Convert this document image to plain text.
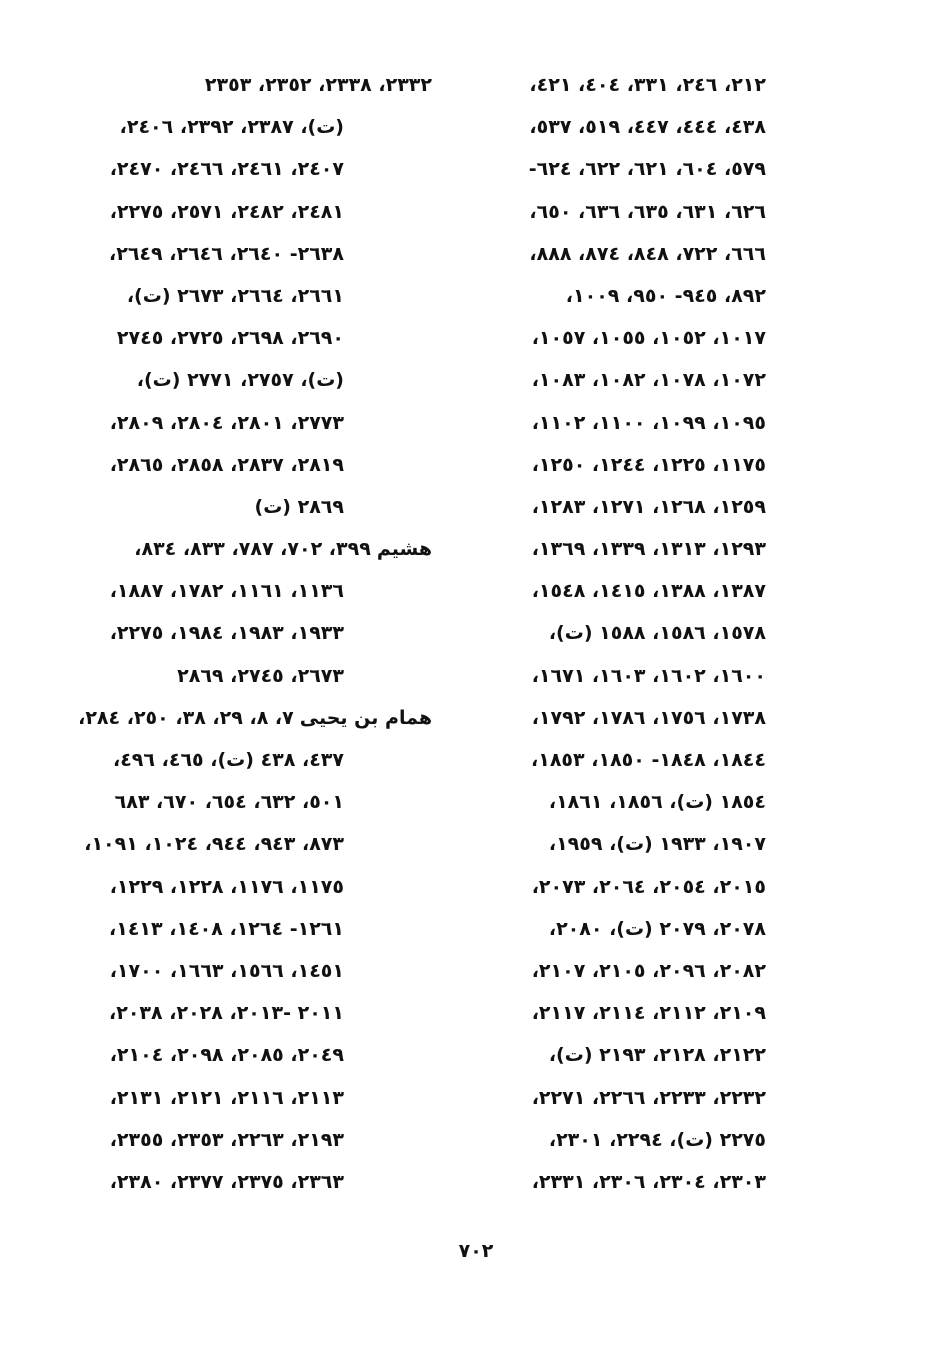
٢١٢، ٢٤٦، ٣٣١، ٤٠٤، ٤٢١،
٤٣٨، ٤٤٤، ٤٤٧، ٥١٩، ٥٣٧،
٥٧٩، ٦٠٤، ٦٢١، ٦٢٢، ٦٢٤-
٦٢٦، ٦٣١، ٦٣٥، ٦٣٦، ٦٥٠،
٦٦٦، ٧٢٢، ٨٤٨، ٨٧٤، ٨٨٨،
٨٩٢، ٩٤٥- ٩٥٠، ١٠٠٩،
١٠١٧، ١٠٥٢، ١٠٥٥، ١٠٥٧،
١٠٧٢، ١٠٧٨، ١٠٨٢، ١٠٨٣،
١٠٩٥، ١٠٩٩، ١١٠٠، ١١٠٢،
١١٧٥، ١٢٢٥، ١٢٤٤، ١٢٥٠،
١٢٥٩، ١٢٦٨، ١٢٧١، ١٢٨٣،
١٢٩٣، ١٣١٣، ١٣٣٩، ١٣٦٩،
١٣٨٧، ١٣٨٨، ١٤١٥، ١٥٤٨،
١٥٧٨، ١٥٨٦، ١٥٨٨ (ت)،
١٦٠٠، ١٦٠٢، ١٦٠٣، ١٦٧١،
١٧٣٨، ١٧٥٦، ١٧٨٦، ١٧٩٢،
١٨٤٤، ١٨٤٨- ١٨٥٠، ١٨٥٣،
١٨٥٤ (ت)، ١٨٥٦، ١٨٦١،
١٩٠٧، ١٩٣٣ (ت)، ١٩٥٩،
٢٠١٥، ٢٠٥٤، ٢٠٦٤، ٢٠٧٣،
٢٠٧٨، ٢٠٧٩ (ت)، ٢٠٨٠،
٢٠٨٢، ٢٠٩٦، ٢١٠٥، ٢١٠٧،
٢١٠٩، ٢١١٢، ٢١١٤، ٢١١٧،
٢١٢٢، ٢١٢٨، ٢١٩٣ (ت)،
٢٢٣٢، ٢٢٣٣، ٢٢٦٦، ٢٢٧١،
٢٢٧٥ (ت)، ٢٢٩٤، ٢٣٠١،
٢٣٠٣، ٢٣٠٤، ٢٣٠٦، ٢٣٣١،
٢٣٣٢، ٢٣٣٨، ٢٣٥٢، ٢٣٥٣
(ت)، ٢٣٨٧، ٢٣٩٢، ٢٤٠٦،
٢٤٠٧، ٢٤٦١، ٢٤٦٦، ٢٤٧٠،
٢٤٨١، ٢٤٨٢، ٢٥٧١، ٢٢٧٥،
٢٦٣٨- ٢٦٤٠، ٢٦٤٦، ٢٦٤٩،
٢٦٦١، ٢٦٦٤، ٢٦٧٣ (ت)،
٢٦٩٠، ٢٦٩٨، ٢٧٢٥، ٢٧٤٥
(ت)، ٢٧٥٧، ٢٧٧١ (ت)،
٢٧٧٣، ٢٨٠١، ٢٨٠٤، ٢٨٠٩،
٢٨١٩، ٢٨٣٧، ٢٨٥٨، ٢٨٦٥،
٢٨٦٩ (ت)
هشيم٣٩٩، ٧٠٢، ٧٨٧، ٨٣٣، ٨٣٤،
١١٣٦، ١١٦١، ١٧٨٢، ١٨٨٧،
١٩٣٣، ١٩٨٣، ١٩٨٤، ٢٢٧٥،
٢٦٧٣، ٢٧٤٥، ٢٨٦٩
همام بن يحيى٧، ٨، ٢٩، ٣٨، ٢٥٠، ٢٨٤،
٤٣٧، ٤٣٨ (ت)، ٤٦٥، ٤٩٦،
٥٠١، ٦٣٢، ٦٥٤، ٦٧٠، ٦٨٣
٨٧٣، ٩٤٣، ٩٤٤، ١٠٢٤، ١٠٩١،
١١٧٥، ١١٧٦، ١٢٢٨، ١٢٢٩،
١٢٦١- ١٢٦٤، ١٤٠٨، ١٤١٣،
١٤٥١، ١٥٦٦، ١٦٦٣، ١٧٠٠،
٢٠١١ -٢٠١٣، ٢٠٢٨، ٢٠٣٨،
٢٠٤٩، ٢٠٨٥، ٢٠٩٨، ٢١٠٤،
٢١١٣، ٢١١٦، ٢١٢١، ٢١٣١،
٢١٩٣، ٢٢٦٣، ٢٣٥٣، ٢٣٥٥،
٢٣٦٣، ٢٣٧٥، ٢٣٧٧، ٢٣٨٠،
٧٠٢
